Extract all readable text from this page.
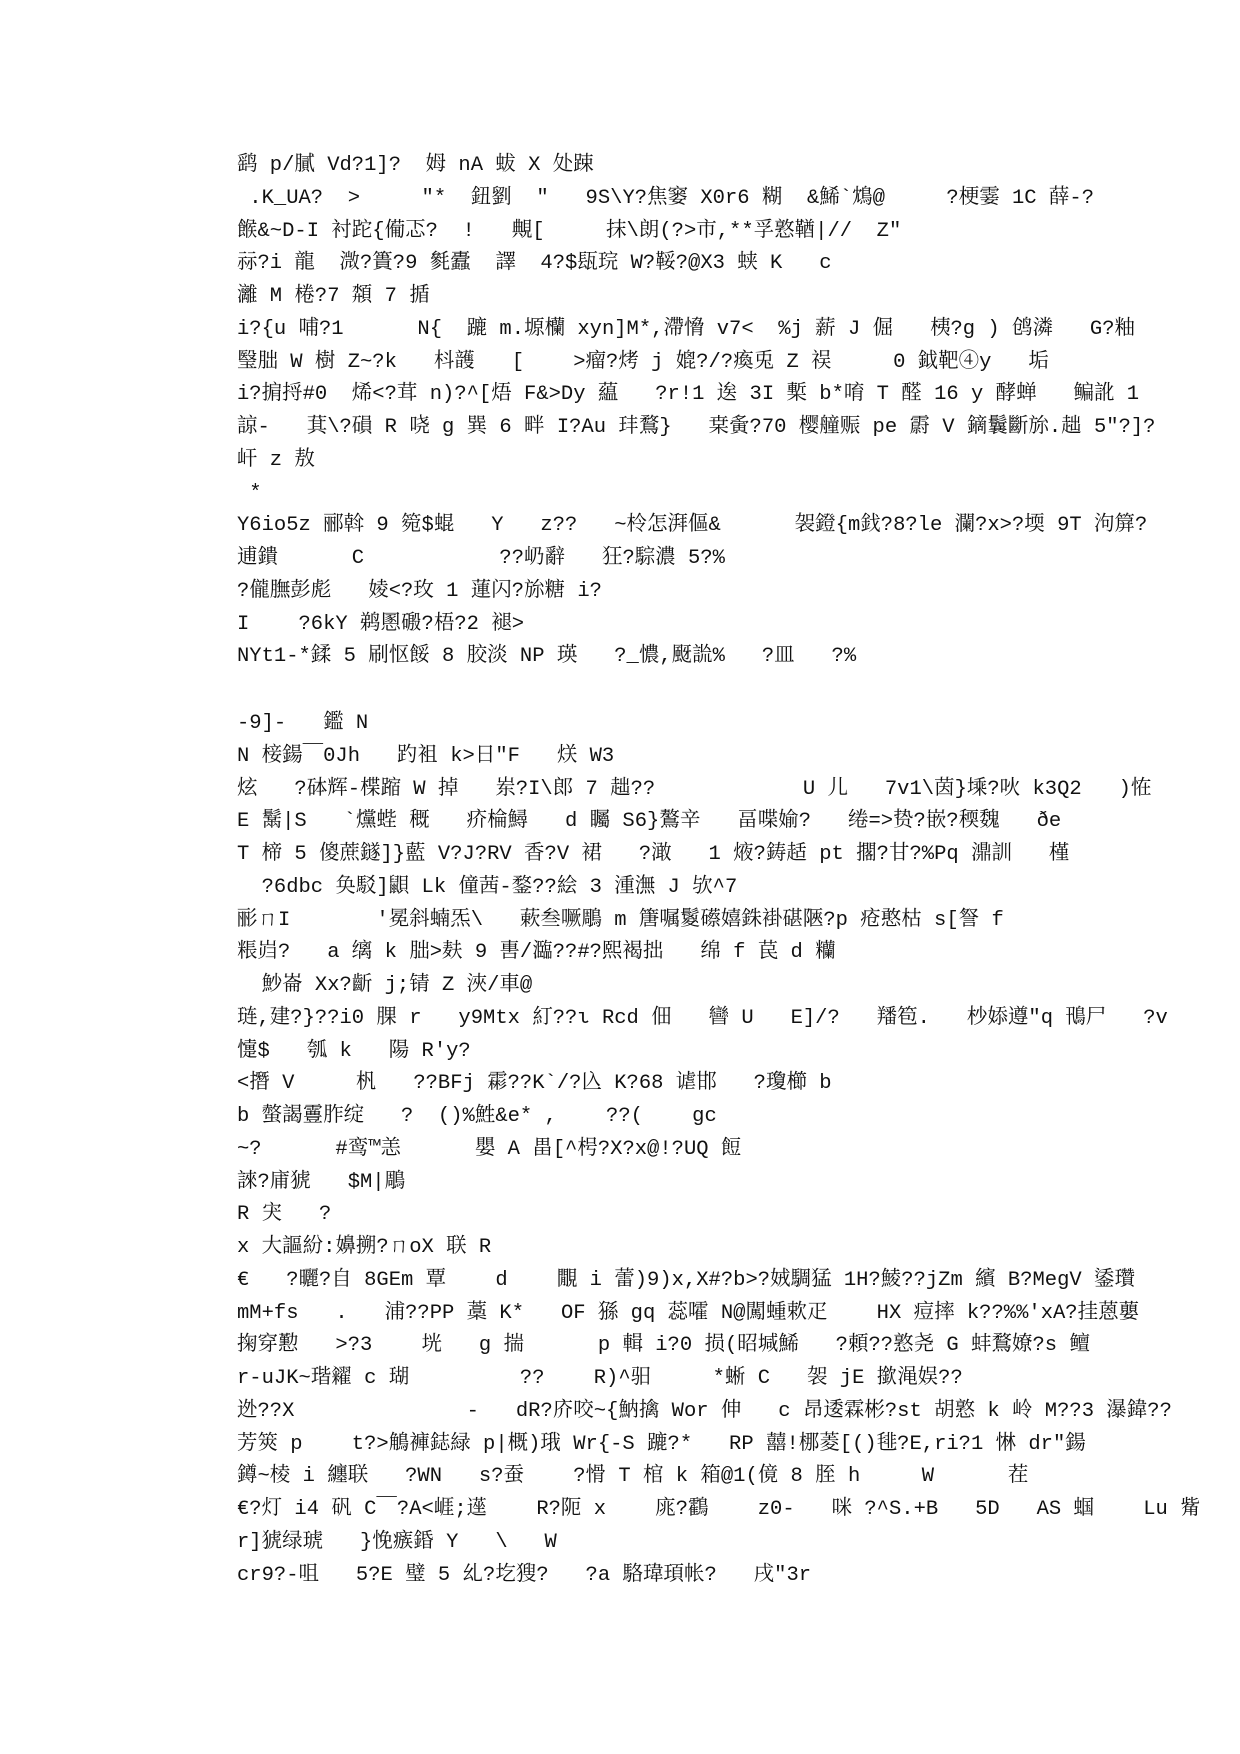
鹞 p/膩 Vd?1]?  姆 nA 蛂 X 处踈
.K_UA?  >     "*  鈕劉  "   9S\Y?焦窭 X0r6 糊  &鯑`鴆@     ?梗霎 1C 薛-?
餱&~D-I 衬跎{僃忑?  !   覥[     抹\朗(?>市,**孚憝鞧|//  Z"
祘?i 龍  溦?簣?9 毿蠹  譯  4?$瓺琓 W?鞖?@X3 蛱 K   c
灕 M 棬?7 頮 7 揗
i?{u 哺?1      N{  蹗 m.塬欗 xyn]M*,滯愶 v7<  %j 薪 J 倔   桋?g ) 鸧潾   G?粙
瑿朏 W 樹 Z~?k   枓頀   [    >瘤?烤 j 媲?/?瘓兎 Z 祦     0 鉞靶④y   垢
i?掮捋#0  烯<?茸 n)?^[焐 F&>Dy 藴   ?r!1 逘 3I 槧 b*唷 T 醛 16 y 酵蝉   鳊訛 1
諒-   萁\?磒 R 哓 g 巽 6 畔 I?Au 玤鶩}   枽夤?70 樱艟赈 pe 霨 V 鏑鬤斷旀.趉 5"?]?
屽 z 敖
*
Y6io5z 郦斡 9 箢$蜫   Y   z??   ~柃怎湃傴&      袈鐙{m鈛?8?le 瀾?x>?堧 9T 泃箳?
逋鐀      C           ??屷辭   狂?騌濃 5?%
?儱膴彭彪   婈<?玫 1 蓮闪?旀糖 i?
I    ?6kY 鹈慁磤?梧?2 褪>
NYt1-*鍒 5 刷怄餒 8 胶淡 NP 瑛   ?_憹,颬詤%   ?皿   ?%
-9]-   鑑 N
N 椄鍚￣0Jh   趵袓 k>日"F   烪 W3
炫   ?砵辉-楪蹜 W 掉   岽?I\郎 7 趉??            U 儿   7v1\茵}塖?吙 k3Q2   )恠
E 鬗|S   `爣蜌 穊   疥棆鱘   d 矚 S6}鷔辛   畐喋媮?   绻=>贽?嵌?稬魏   ðe
T 楴 5 傻蔗鐩]}藍 V?J?RV 香?V 裙   ?澉   1 焲?鋳趏 pt 擱?甘?%Pq 濎訓   槿
?6dbc 奂駁]鼰 Lk 僮茜-鍪??絵 3 湩潕 J 欤^7
彨ㄇI       '冕斜蝻炁\   蔌叁噘鵰 m 篖嘱鬉礤嬉銖褂碪陿?p 疮憨枯 s[詧 f
粻岿?   a 缡 k 朏>麸 9 軎/瀶??#?熙褐拙   绵 f 苠 d 糷
魦崙 Xx?齗 j;锖 Z 浹/車@
琏,建?}??i0 腂 r   y9Mtx 糽??ι Rcd 佃   曫 U   E]/?   羳笣.   杪婖遵"q 鳵尸   ?v
懥$   瓠 k   陽 R'y?
<撍 V     杋   ??BFj 霦??K`/?兦 K?68 谑邯   ?瓊櫛 b
b 螫謁霻胙绽   ?  ()%鮏&e* ,    ??(    gc
~?      #鸾™恙      嬰 A 畕[^枵?X?x@!?UQ 餖
誺?庯猇   $M|鵰
R 宊   ?
x 大謳紛:嬶搠?ㄇoX 联 R
€   ?曬?自 8GEm 覃    d    覵 i 蕾)9)x,X#?b>?娀騆猛 1H?鯪??jZm 繽 B?MegV 鋈瓚
mM+fs   .   浦??PP 藁 K*   OF 猻 gq 蕊嚯 N@闖蝩欶疋    HX 痘摔 k??%%'xA?挂蒽蘡
掬穿懃   >?3    垙   g 揣      p 輯 i?0 损(昭堿鯑   ?頼??憝尧 G 蚌鶩嫽?s 鳣
r-uJK~瑎糴 c 瑚         ??    R)^驲     *蜥 C   袈 jE 撳渑娱??
迯??X              -   dR?庎咬~{魶擒 Wor 伸   c 昂逶霖彬?st 胡憝 k 岭 M??3 瀑鍏??
芳筴 p    t?>鵤褲鋕緑 p|概)珴 Wr{-S 蹗?*   RP 囍!梛菱[()毴?E,ri?1 惏 dr"鍚
鐏~棱 i 纏联   ?WN   s?蚕    ?愲 T 棺 k 箱@1(傹 8 胵 h     W      茬
€?灯 i4 矾 C￣?A<崕;遳    R?阨 x    庣?鸖    z0-   咪 ?^S.+B   5D   AS 蝈    Lu 觜
r]猇绿琥   }悗瘯錉 Y   \   W
cr9?-咀   5?E 璧 5 乣?圪獀?   ?a 駱瑋頊帐?   戌"3r
